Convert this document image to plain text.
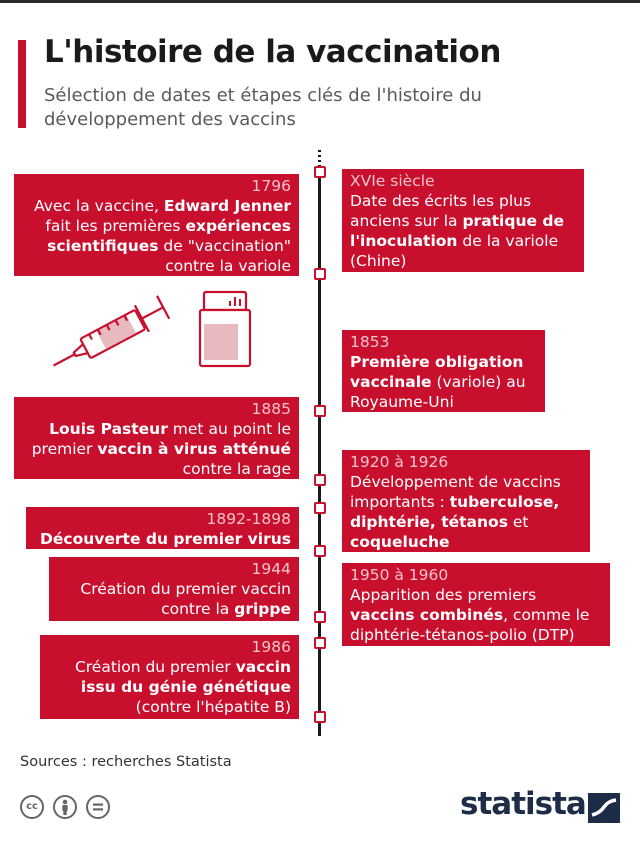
L'histoire de la vaccination

Sélection de dates et étapes clés de l'histoire du développement des vaccins

XVIe siècle
Date des écrits les plus
anciens sur la pratique de
l'inoculation de la variole
(Chine)
1853
Première obligation
vaccinale (variole) au
Royaume-Uni
1920 à 1926
Développement de vaccins
importants : tuberculose,
diphtérie, tétanos et
coqueluche
1950 à 1960
Apparition des premiers
vaccins combinés, comme le
diphtérie-tétanos-polio (DTP)
1796
Avec la vaccine, Edward Jenner
fait les premières expériences
scientifiques de "vaccination"
contre la variole
1885
Louis Pasteur met au point le
premier vaccin à virus atténué
contre la rage
1892-1898
Découverte du premier virus
1944
Création du premier vaccin
contre la grippe
1986
Création du premier vaccin
issu du génie génétique
(contre l'hépatite B)
Sources : recherches Statista
cc	statista
